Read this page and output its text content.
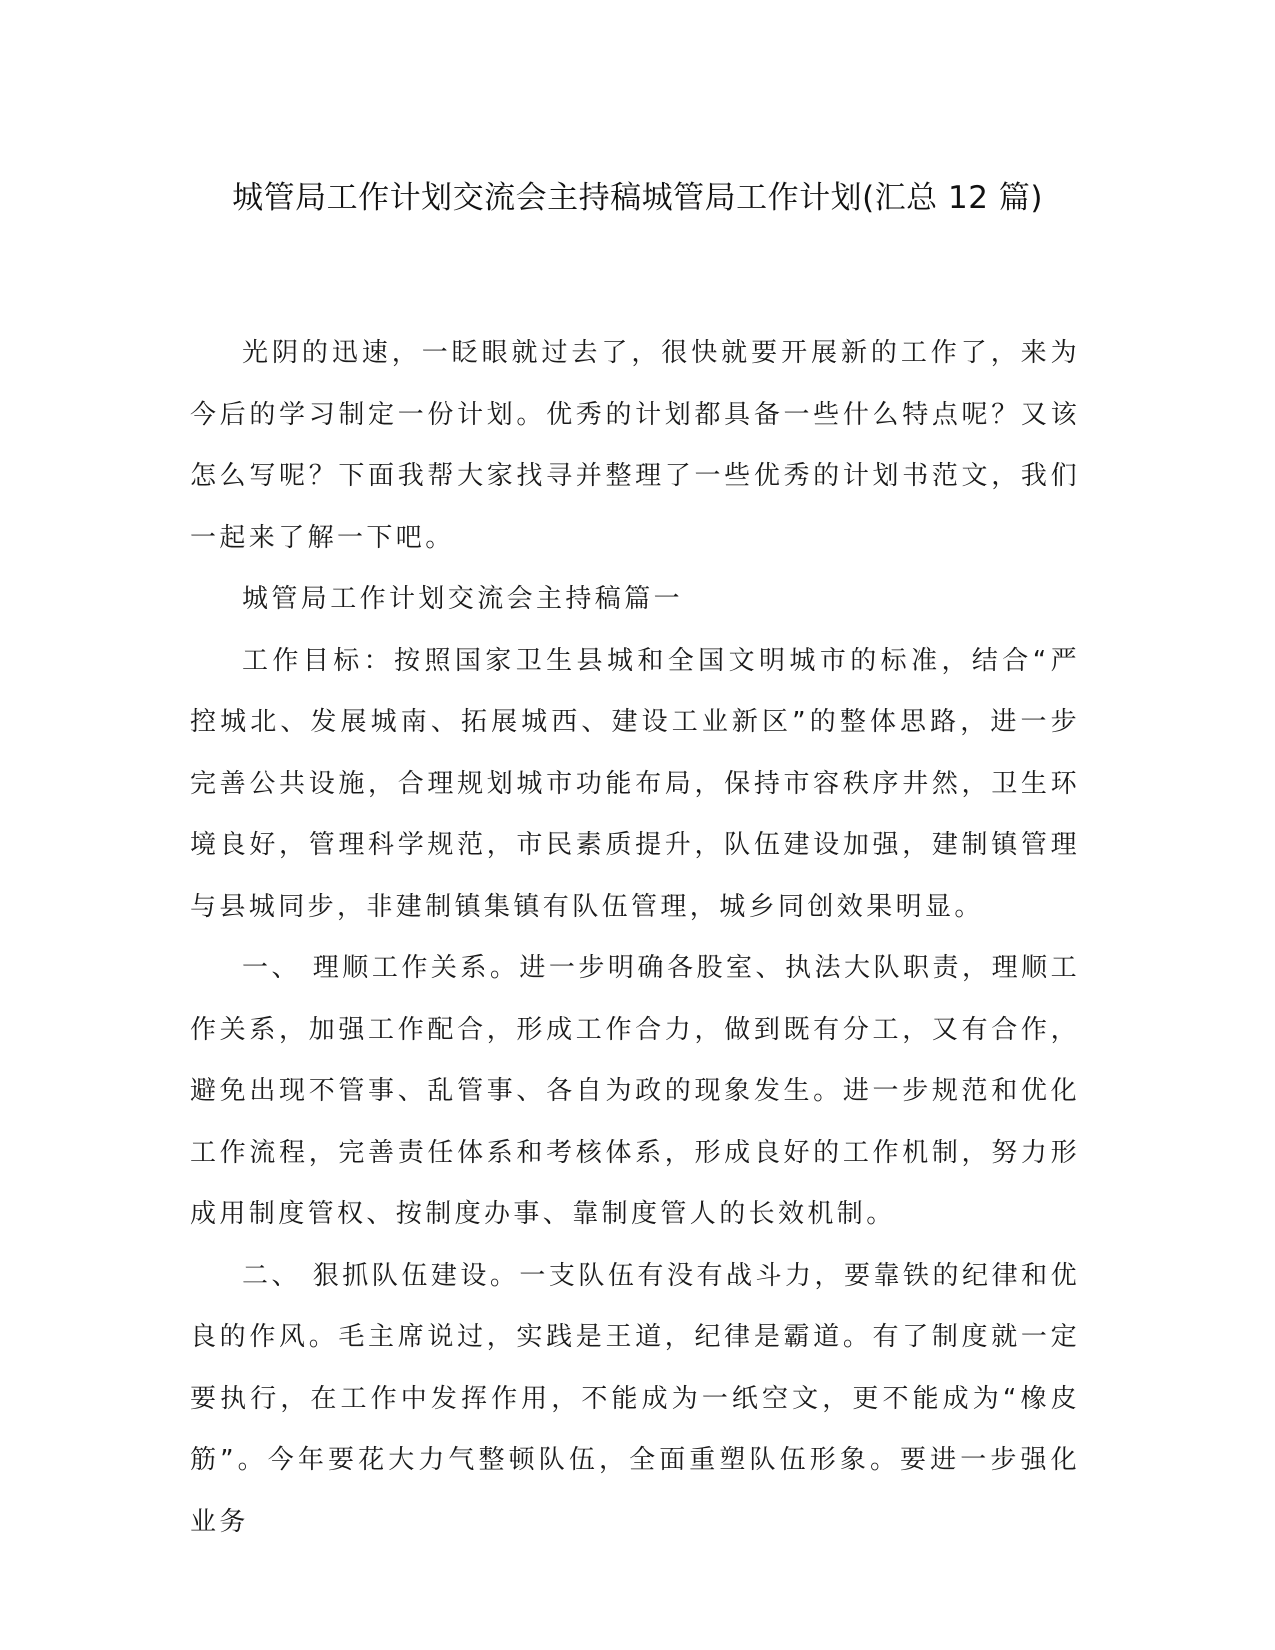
城管局工作计划交流会主持稿城管局工作计划(汇总 12 篇)

光阴的迅速，一眨眼就过去了，很快就要开展新的工作了，来为今后的学习制定一份计划。优秀的计划都具备一些什么特点呢？又该怎么写呢？下面我帮大家找寻并整理了一些优秀的计划书范文，我们一起来了解一下吧。

城管局工作计划交流会主持稿篇一

工作目标：按照国家卫生县城和全国文明城市的标准，结合“严控城北、发展城南、拓展城西、建设工业新区”的整体思路，进一步完善公共设施，合理规划城市功能布局，保持市容秩序井然，卫生环境良好，管理科学规范，市民素质提升，队伍建设加强，建制镇管理与县城同步，非建制镇集镇有队伍管理，城乡同创效果明显。

一、 理顺工作关系。进一步明确各股室、执法大队职责，理顺工作关系，加强工作配合，形成工作合力，做到既有分工，又有合作，避免出现不管事、乱管事、各自为政的现象发生。进一步规范和优化工作流程，完善责任体系和考核体系，形成良好的工作机制，努力形成用制度管权、按制度办事、靠制度管人的长效机制。

二、 狠抓队伍建设。一支队伍有没有战斗力，要靠铁的纪律和优良的作风。毛主席说过，实践是王道，纪律是霸道。有了制度就一定要执行，在工作中发挥作用，不能成为一纸空文，更不能成为“橡皮筋”。今年要花大力气整顿队伍，全面重塑队伍形象。要进一步强化业务
